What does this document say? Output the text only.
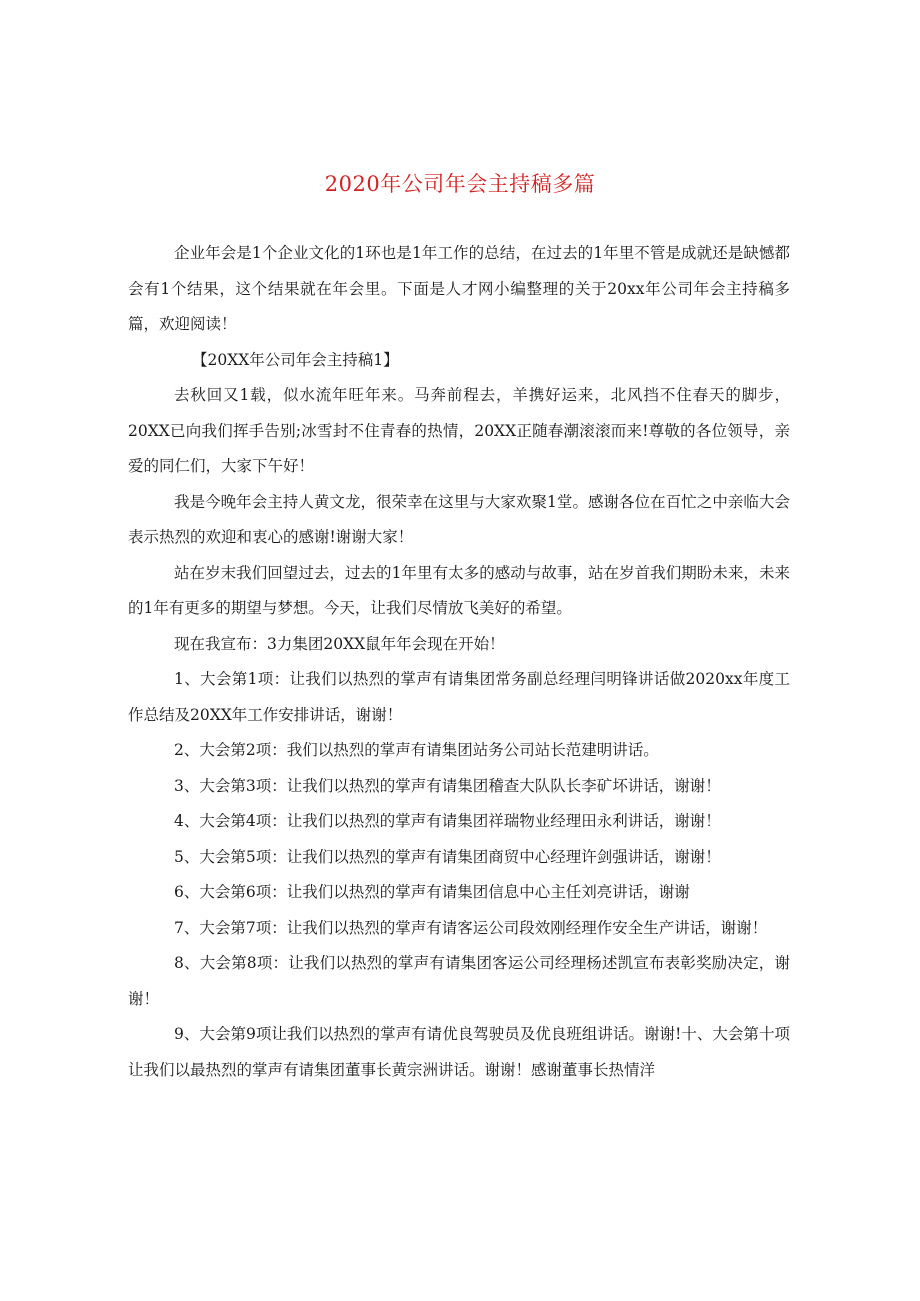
2020年公司年会主持稿多篇

企业年会是1个企业文化的1环也是1年工作的总结，在过去的1年里不管是成就还是缺憾都会有1个结果，这个结果就在年会里。下面是人才网小编整理的关于20xx年公司年会主持稿多篇，欢迎阅读！

【20XX年公司年会主持稿1】

去秋回又1载，似水流年旺年来。马奔前程去，羊携好运来，北风挡不住春天的脚步，20XX已向我们挥手告别;冰雪封不住青春的热情，20XX正随春潮滚滚而来!尊敬的各位领导，亲爱的同仁们，大家下午好！

我是今晚年会主持人黄文龙，很荣幸在这里与大家欢聚1堂。感谢各位在百忙之中亲临大会表示热烈的欢迎和衷心的感谢!谢谢大家！

站在岁末我们回望过去，过去的1年里有太多的感动与故事，站在岁首我们期盼未来，未来的1年有更多的期望与梦想。今天，让我们尽情放飞美好的希望。

现在我宣布：3力集团20XX鼠年年会现在开始！

1、大会第1项：让我们以热烈的掌声有请集团常务副总经理闫明锋讲话做2020xx年度工作总结及20XX年工作安排讲话，谢谢！

2、大会第2项：我们以热烈的掌声有请集团站务公司站长范建明讲话。

3、大会第3项：让我们以热烈的掌声有请集团稽查大队队长李矿坏讲话，谢谢！

4、大会第4项：让我们以热烈的掌声有请集团祥瑞物业经理田永利讲话，谢谢！

5、大会第5项：让我们以热烈的掌声有请集团商贸中心经理许剑强讲话，谢谢！

6、大会第6项：让我们以热烈的掌声有请集团信息中心主任刘亮讲话，谢谢

7、大会第7项：让我们以热烈的掌声有请客运公司段效刚经理作安全生产讲话，谢谢！

8、大会第8项：让我们以热烈的掌声有请集团客运公司经理杨述凯宣布表彰奖励决定，谢谢！

9、大会第9项让我们以热烈的掌声有请优良驾驶员及优良班组讲话。谢谢!十、大会第十项让我们以最热烈的掌声有请集团董事长黄宗洲讲话。谢谢！感谢董事长热情洋
